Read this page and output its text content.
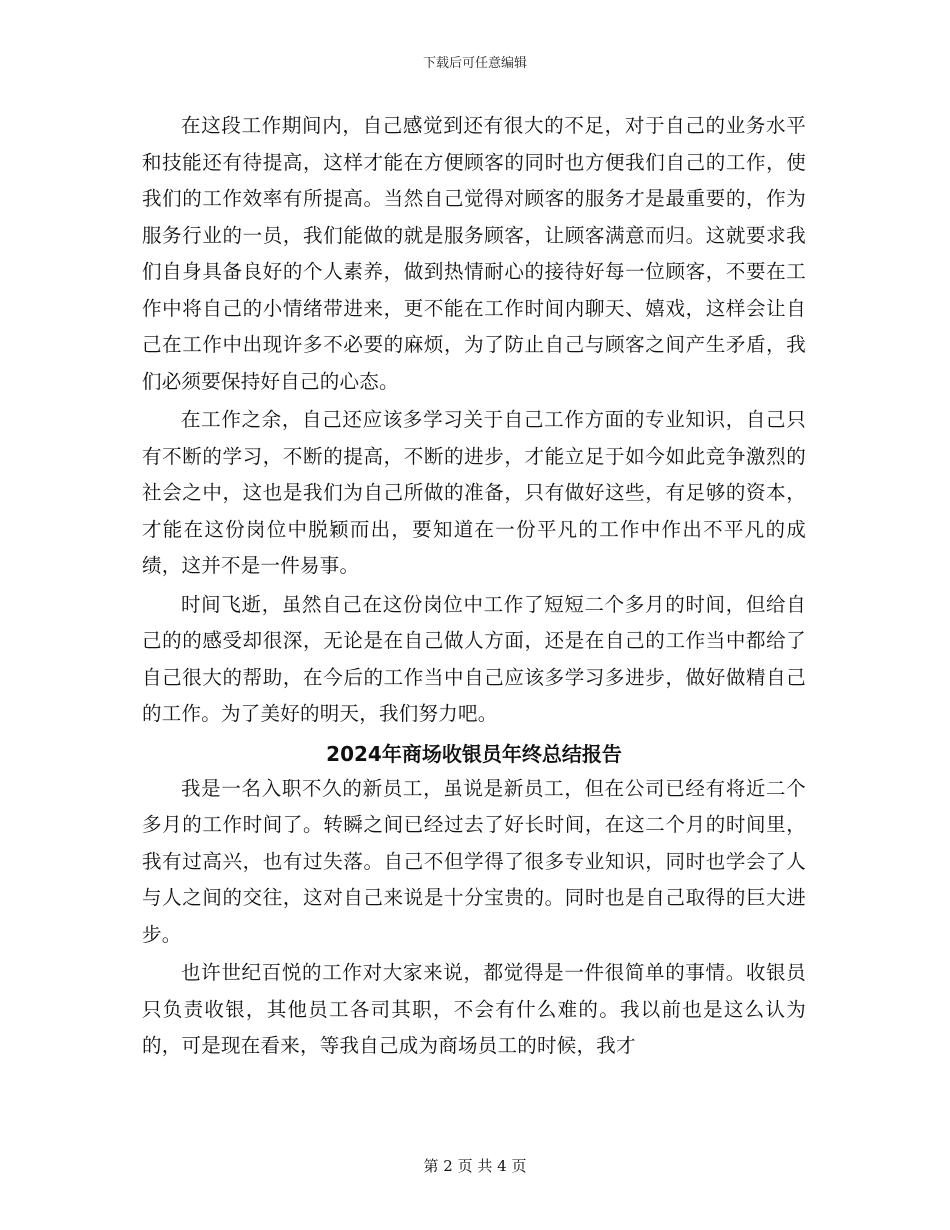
下载后可任意编辑

在这段工作期间内，自己感觉到还有很大的不足，对于自己的业务水平和技能还有待提高，这样才能在方便顾客的同时也方便我们自己的工作，使我们的工作效率有所提高。当然自己觉得对顾客的服务才是最重要的，作为服务行业的一员，我们能做的就是服务顾客，让顾客满意而归。这就要求我们自身具备良好的个人素养，做到热情耐心的接待好每一位顾客，不要在工作中将自己的小情绪带进来，更不能在工作时间内聊天、嬉戏，这样会让自己在工作中出现许多不必要的麻烦，为了防止自己与顾客之间产生矛盾，我们必须要保持好自己的心态。

在工作之余，自己还应该多学习关于自己工作方面的专业知识，自己只有不断的学习，不断的提高，不断的进步，才能立足于如今如此竞争激烈的社会之中，这也是我们为自己所做的准备，只有做好这些，有足够的资本，才能在这份岗位中脱颖而出，要知道在一份平凡的工作中作出不平凡的成绩，这并不是一件易事。

时间飞逝，虽然自己在这份岗位中工作了短短二个多月的时间，但给自己的的感受却很深，无论是在自己做人方面，还是在自己的工作当中都给了自己很大的帮助，在今后的工作当中自己应该多学习多进步，做好做精自己的工作。为了美好的明天，我们努力吧。

2024年商场收银员年终总结报告

我是一名入职不久的新员工，虽说是新员工，但在公司已经有将近二个多月的工作时间了。转瞬之间已经过去了好长时间，在这二个月的时间里，我有过高兴，也有过失落。自己不但学得了很多专业知识，同时也学会了人与人之间的交往，这对自己来说是十分宝贵的。同时也是自己取得的巨大进步。

也许世纪百悦的工作对大家来说，都觉得是一件很简单的事情。收银员只负责收银，其他员工各司其职，不会有什么难的。我以前也是这么认为的，可是现在看来，等我自己成为商场员工的时候，我才

第 2 页 共 4 页
